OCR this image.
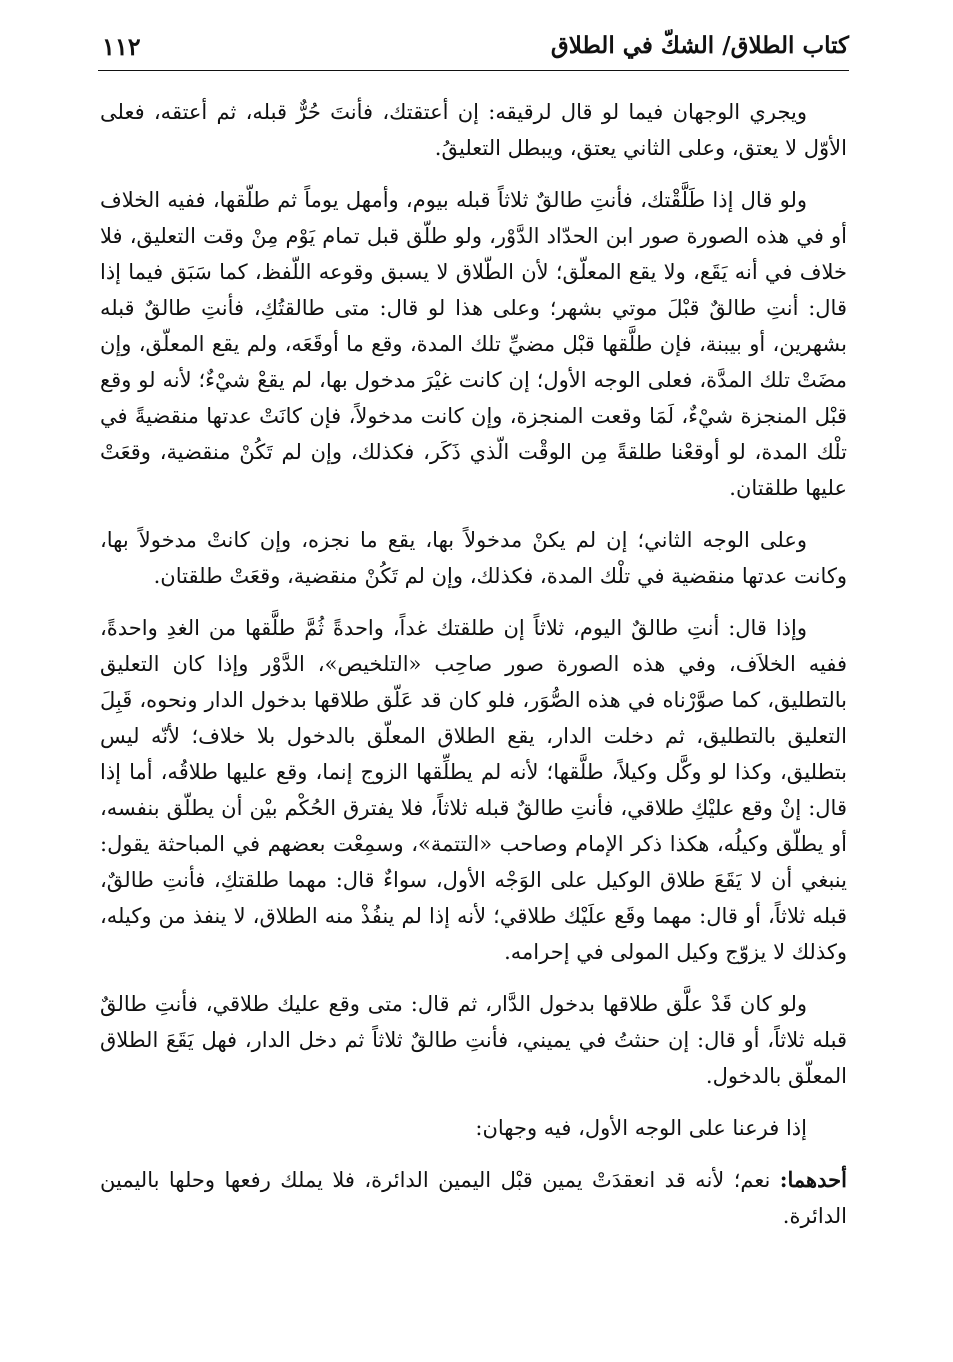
١١٢	كتاب الطلاق/ الشكّ في الطلاق

ويجري الوجهان فيما لو قال لرقيقه: إن أعتقتك، فأنتَ حُرٌّ قبله، ثم أعتقه، فعلى الأوّل لا يعتق، وعلى الثاني يعتق، ويبطل التعليقُ.

ولو قال إذا طَلَّقْتك، فأنتِ طالقٌ ثلاثاً قبله بيوم، وأمهل يوماً ثم طلّقها، ففيه الخلاف أو في هذه الصورة صور ابن الحدّاد الدَّوْر، ولو طلّق قبل تمام يَوْم مِنْ وقت التعليق، فلا خلاف في أنه يَقَع، ولا يقع المعلّق؛ لأن الطّلاق لا يسبق وقوعه اللّفظ، كما سَبَق فيما إذا قال: أنتِ طالقٌ قبْلَ موتي بشهر؛ وعلى هذا لو قال: متى طالقتُكِ، فأنتِ طالقٌ قبله بشهرين، أو بيبنة، فإن طلَّقها قبْل مضيِّ تلك المدة، وقع ما أوقَعَه، ولم يقع المعلّق، وإن مضَتْ تلك المدَّة، فعلى الوجه الأول؛ إن كانت غيْرَ مدخول بها، لم يقعْ شيْءٌ؛ لأنه لو وقع قبْل المنجزة شيْءٌ، لَمَا وقعت المنجزة، وإن كانت مدخولاً، فإن كانَتْ عدتها منقضيةً في تلْك المدة، لو أوقعْنا طلقةً مِن الوقْت الّذي ذَكَر، فكذلك، وإن لم تَكُنْ منقضية، وقعَتْ عليها طلقتان.

وعلى الوجه الثاني؛ إن لم يكنْ مدخولاً بها، يقع ما نجزه، وإن كانتْ مدخولاً بها، وكانت عدتها منقضية في تلْك المدة، فكذلك، وإن لم تَكُنْ منقضية، وقعَتْ طلقتان.

وإذا قال: أنتِ طالقٌ اليوم، ثلاثاً إن طلقتك غداً، واحدةً ثُمَّ طلَّقها من الغدِ واحدةً، ففيه الخلاَف، وفي هذه الصورة صور صاحِب «التلخيص»، الدَّوْر وإذا كان التعليق بالتطليق، كما صوَّرْناه في هذه الصُّوَر، فلو كان قد عَلّق طلاقها بدخول الدار ونحوه، قَبِلَ التعليق بالتطليق، ثم دخلت الدار، يقع الطلاق المعلّق بالدخول بلا خلاف؛ لأنّه ليس بتطليق، وكذا لو وكَّل وكيلاً، طلَّقها؛ لأنه لم يطلِّقها الزوج إنما، وقع عليها طلاقُه، أما إذا قال: إنْ وقع عليْكِ طلاقي، فأنتِ طالقٌ قبله ثلاثاً، فلا يفترق الحُكْم بيْن أن يطلّق بنفسه، أو يطلّق وكيلُه، هكذا ذكر الإمام وصاحب «التتمة»، وسمِعْت بعضهم في المباحثة يقول: ينبغي أن لا يَقَعَ طلاق الوكيل على الوَجْه الأول، سواءٌ قال: مهما طلقتكِ، فأنتِ طالقٌ، قبله ثلاثاً، أو قال: مهما وقَع علَيْك طلاقي؛ لأنه إذا لم ينفُذْ منه الطلاق، لا ينفذ من وكيله، وكذلك لا يزوّج وكيل المولى في إحرامه.

ولو كان قَدْ علَّق طلاقها بدخول الدَّار، ثم قال: متى وقع عليك طلاقي، فأنتِ طالقٌ قبله ثلاثاً، أو قال: إن حنثتُ في يميني، فأنتِ طالقٌ ثلاثاً ثم دخل الدار، فهل يَقَعَ الطلاق المعلّق بالدخول.

إذا فرعنا على الوجه الأول، فيه وجهان:

أحدهما: نعم؛ لأنه قد انعقدَتْ يمين قبْل اليمين الدائرة، فلا يملك رفعها وحلها باليمين الدائرة.
